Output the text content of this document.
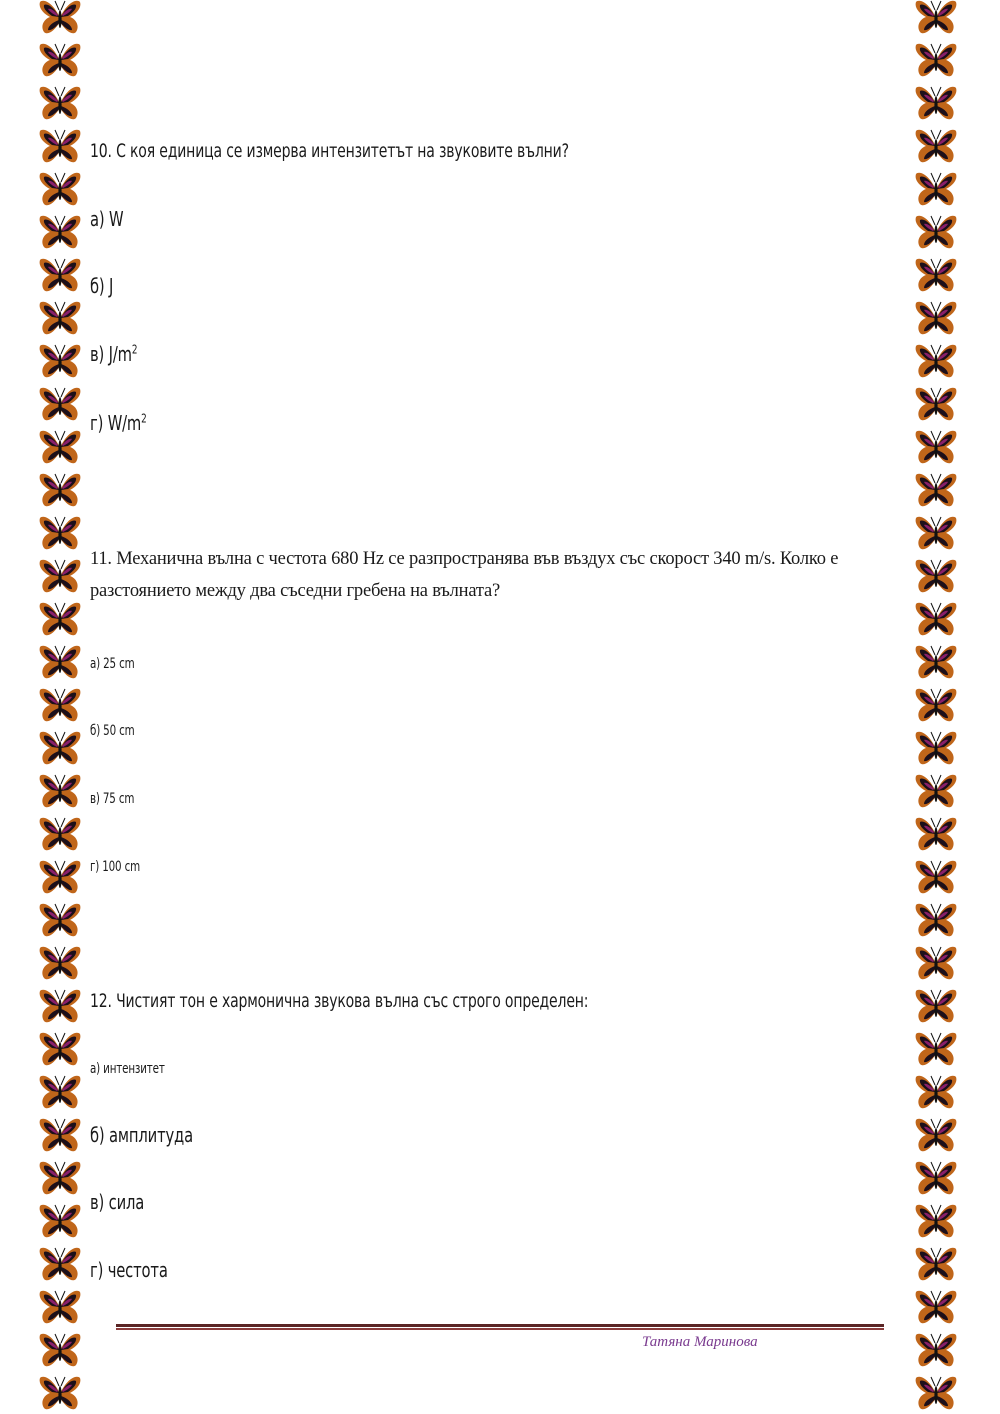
10. С коя единица се измерва интензитетът на звуковите вълни?

а) W

б) J

в) $J/m^2$

г) $W/m^2$

11. Механична вълна с честота 680 Hz се разпространява във въздух със скорост 340 m/s. Колко е разстоянието между два съседни гребена на вълната?

а) 25 cm

б) 50 cm

в) 75 cm

г) 100 cm

12. Чистият тон е хармонична звукова вълна със строго определен:

а) интензитет

б) амплитуда

в) сила

г) честота

Татяна Маринова
